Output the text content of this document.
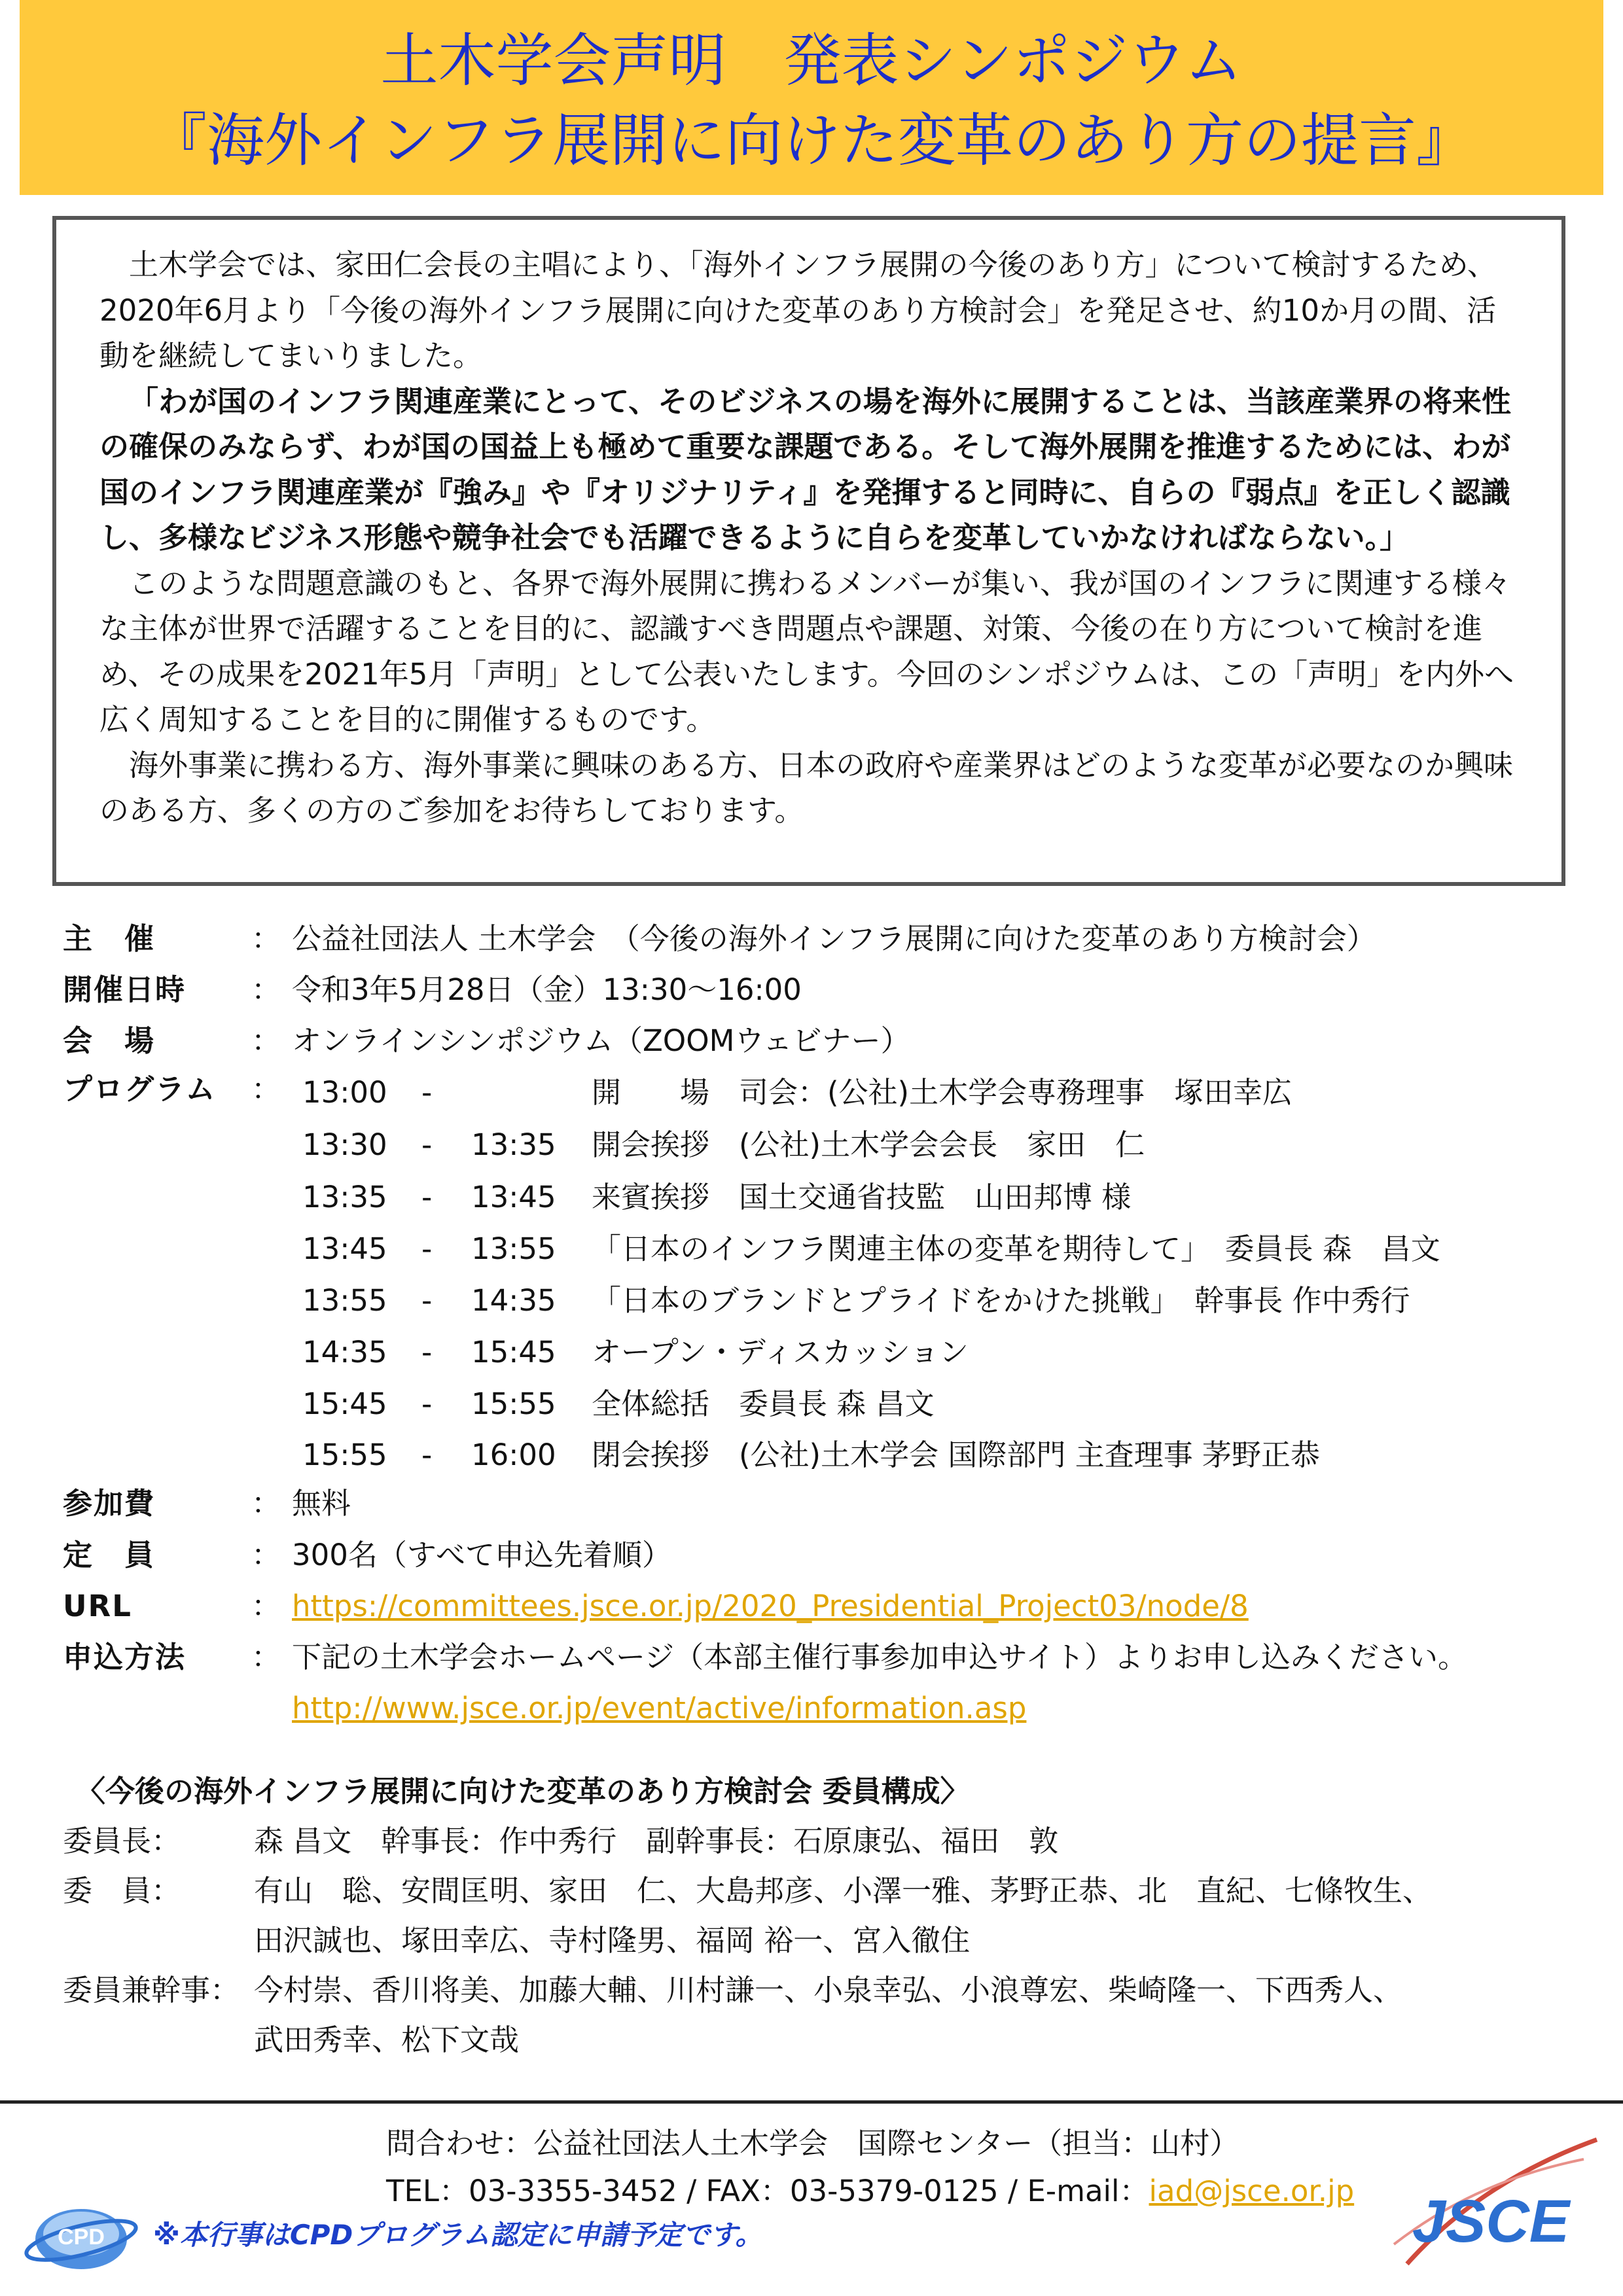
土木学会声明　発表シンポジウム
『海外インフラ展開に向けた変革のあり方の提言』

土木学会では、家田仁会長の主唱により、「海外インフラ展開の今後のあり方」について検討するため、2020年6月より「今後の海外インフラ展開に向けた変革のあり方検討会」を発足させ、約10か月の間、活動を継続してまいりました。

「わが国のインフラ関連産業にとって、そのビジネスの場を海外に展開することは、当該産業界の将来性の確保のみならず、わが国の国益上も極めて重要な課題である。そして海外展開を推進するためには、わが国のインフラ関連産業が『強み』や『オリジナリティ』を発揮すると同時に、自らの『弱点』を正しく認識し、多様なビジネス形態や競争社会でも活躍できるように自らを変革していかなければならない。」

このような問題意識のもと、各界で海外展開に携わるメンバーが集い、我が国のインフラに関連する様々な主体が世界で活躍することを目的に、認識すべき問題点や課題、対策、今後の在り方について検討を進め、その成果を2021年5月「声明」として公表いたします。今回のシンポジウムは、この「声明」を内外へ広く周知することを目的に開催するものです。

海外事業に携わる方、海外事業に興味のある方、日本の政府や産業界はどのような変革が必要なのか興味のある方、多くの方のご参加をお待ちしております。

主　催	： 公益社団法人 土木学会　（今後の海外インフラ展開に向けた変革のあり方検討会）
開催日時	： 令和3年5月28日（金）13:30～16:00
会　場	： オンラインシンポジウム（ZOOMウェビナー）
プログラム	： 13:00 -	開　　場　司会：(公社)土木学会専務理事　塚田幸広
13:30 - 13:35 開会挨拶　(公社)土木学会会長　家田　仁
13:35 - 13:45 来賓挨拶　国土交通省技監　山田邦博 様
13:45 - 13:55 「日本のインフラ関連主体の変革を期待して」　委員長 森　昌文
13:55 - 14:35 「日本のブランドとプライドをかけた挑戦」　幹事長 作中秀行
14:35 - 15:45 オープン・ディスカッション
15:45 - 15:55 全体総括　委員長 森 昌文
15:55 - 16:00 閉会挨拶　(公社)土木学会 国際部門 主査理事 茅野正恭
参加費	： 無料
定　員	： 300名（すべて申込先着順）
URL	： https://committees.jsce.or.jp/2020_Presidential_Project03/node/8
申込方法	： 下記の土木学会ホームページ（本部主催行事参加申込サイト）よりお申し込みください。
http://www.jsce.or.jp/event/active/information.asp
〈今後の海外インフラ展開に向けた変革のあり方検討会 委員構成〉
委員長： 森 昌文　幹事長：作中秀行　副幹事長：石原康弘、福田　敦
委　員： 有山　聡、安間匡明、家田　仁、大島邦彦、小澤一雅、茅野正恭、北　直紀、七條牧生、
田沢誠也、塚田幸広、寺村隆男、福岡 裕一、宮入徹住
委員兼幹事： 今村崇、香川将美、加藤大輔、川村謙一、小泉幸弘、小浪尊宏、柴崎隆一、下西秀人、
武田秀幸、松下文哉
問合わせ：公益社団法人土木学会　国際センター（担当：山村）
TEL：03-3355-3452 / FAX：03-5379-0125 / E-mail：iad@jsce.or.jp
CPD ※本行事はCPDプログラム認定に申請予定です。	JSCE
